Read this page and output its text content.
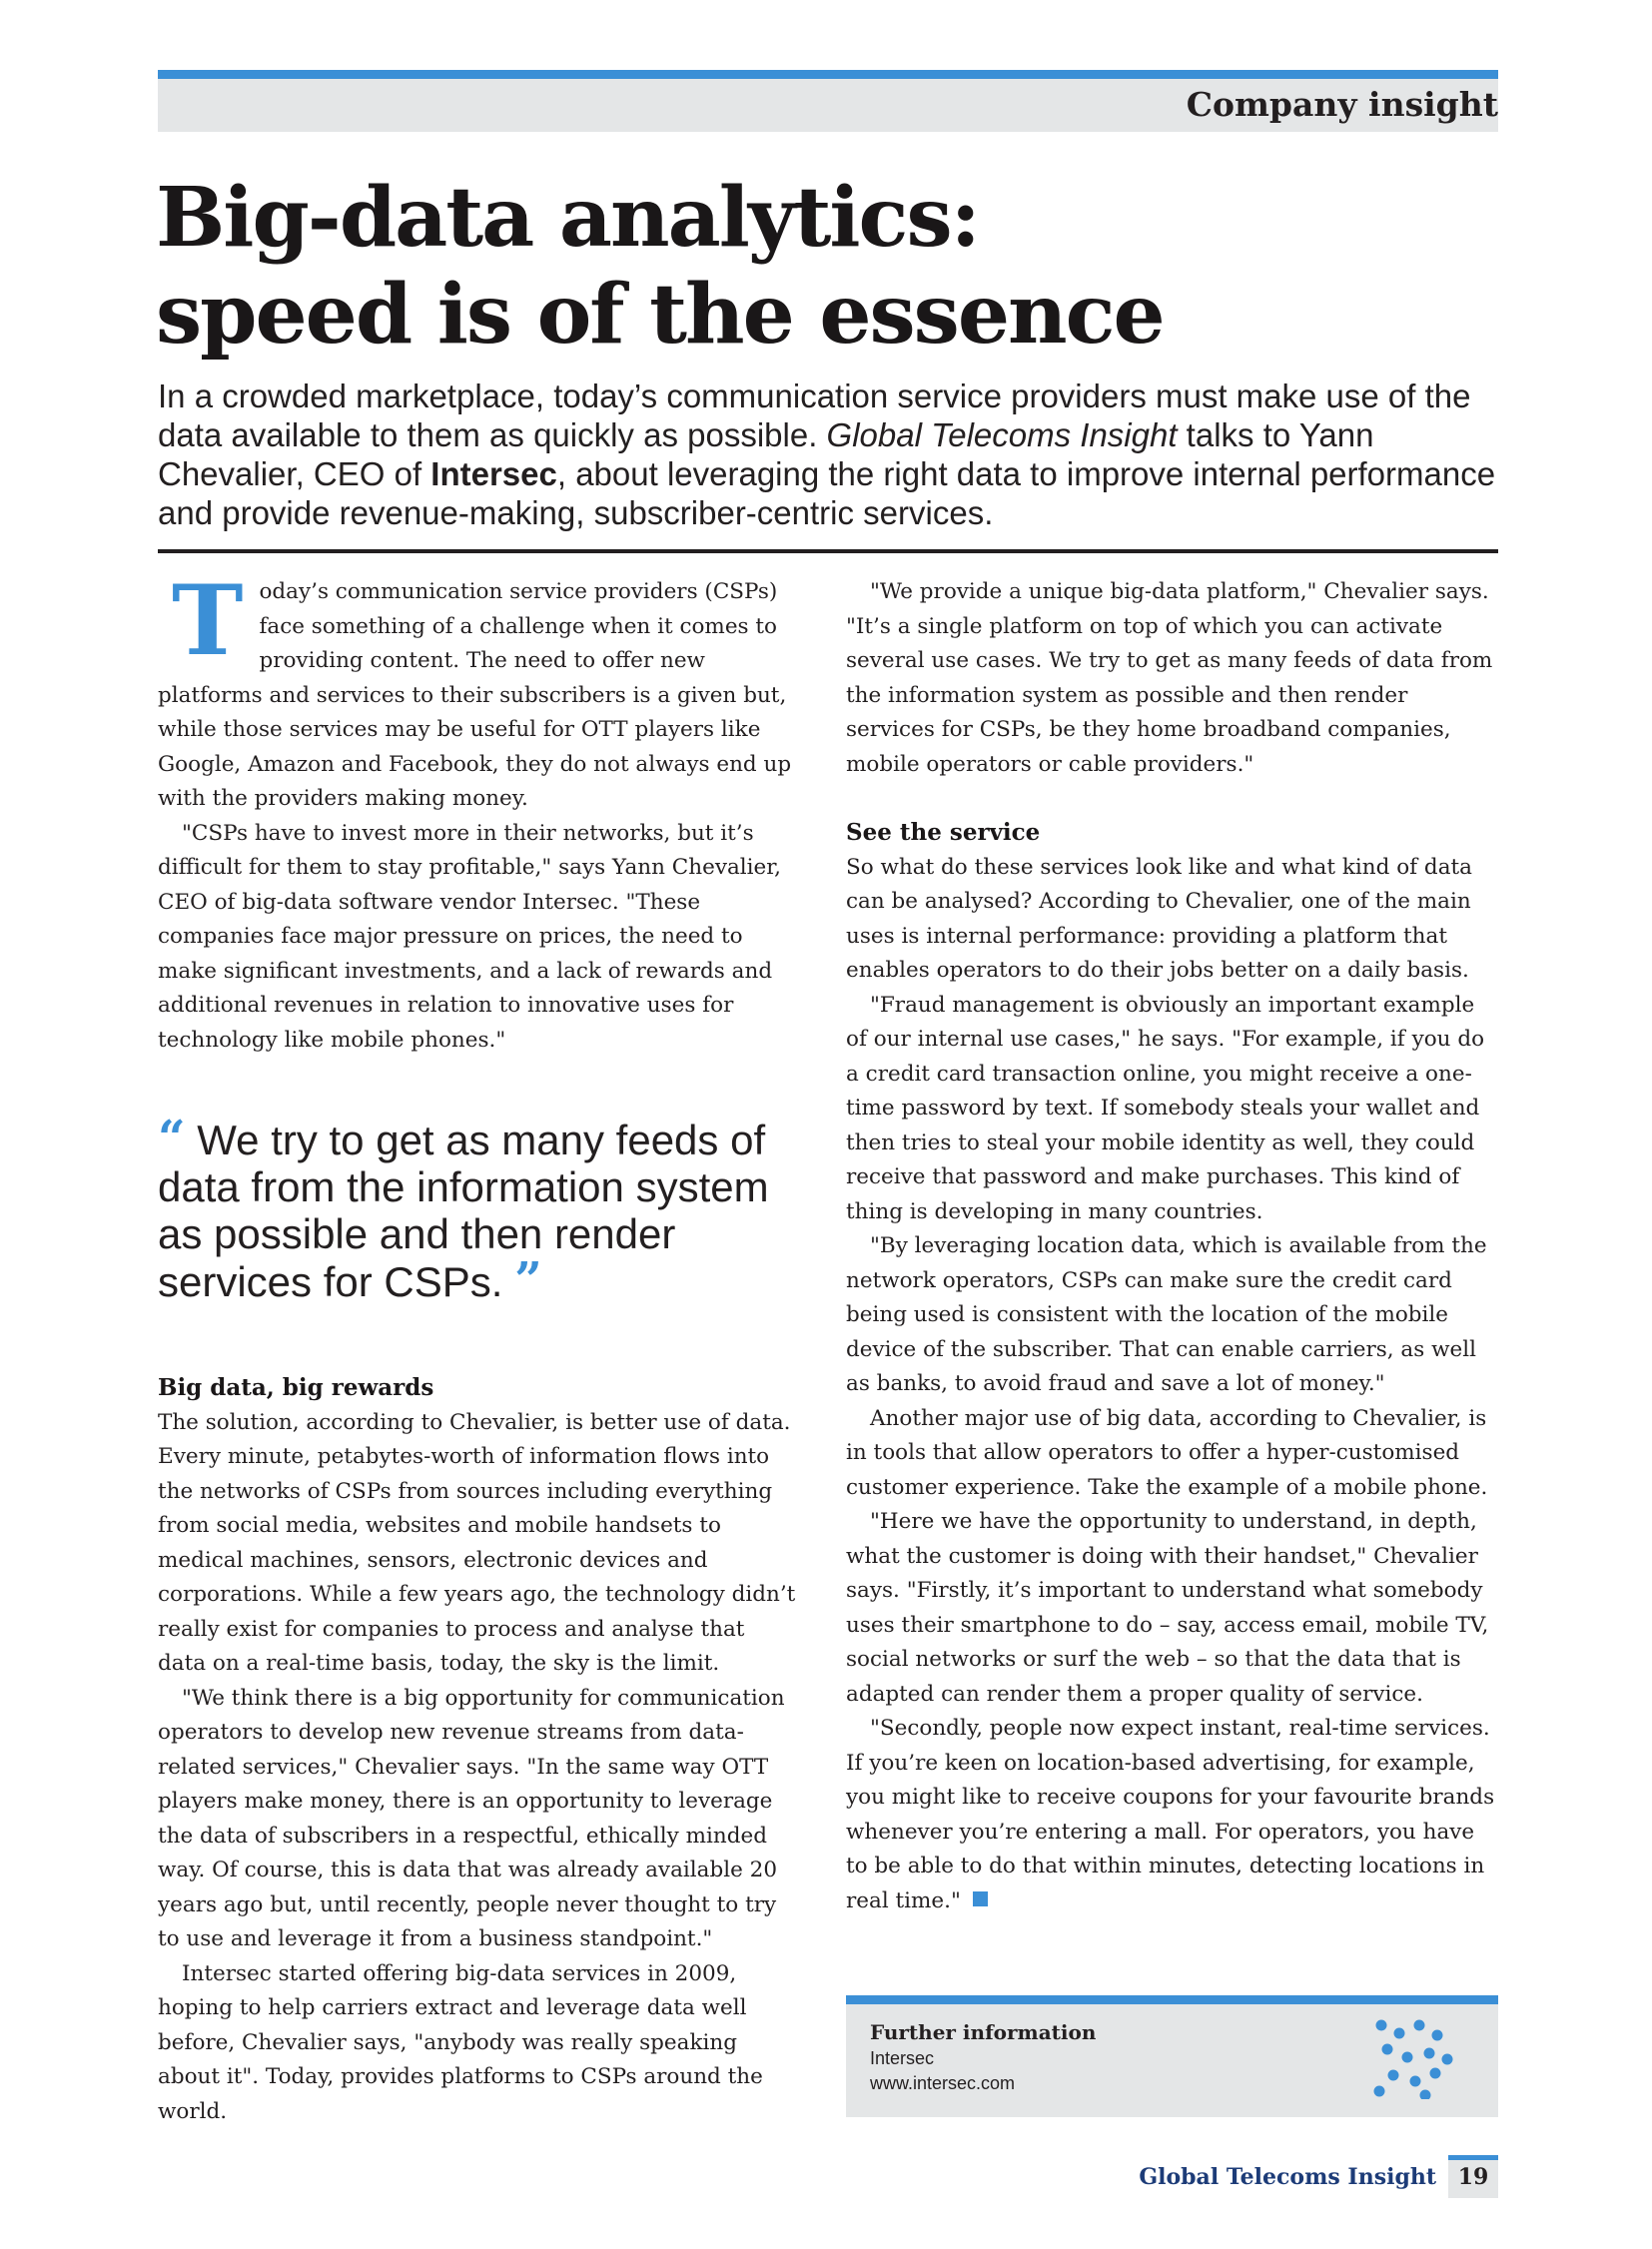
Company insight
Big-data analytics:
speed is of the essence

In a crowded marketplace, today’s communication service providers must make use of the data available to them as quickly as possible. Global Telecoms Insight talks to Yann Chevalier, CEO of Intersec, about leveraging the right data to improve internal performance and provide revenue-making, subscriber-centric services.

Today’s communication service providers (CSPs) face something of a challenge when it comes to providing content. The need to offer new platforms and services to their subscribers is a given but, while those services may be useful for OTT players like Google, Amazon and Facebook, they do not always end up with the providers making money.

"CSPs have to invest more in their networks, but it’s difficult for them to stay profitable," says Yann Chevalier, CEO of big-data software vendor Intersec. "These companies face major pressure on prices, the need to make significant investments, and a lack of rewards and additional revenues in relation to innovative uses for technology like mobile phones."

“ We try to get as many feeds of data from the information system as possible and then render services for CSPs. ”

Big data, big rewards

The solution, according to Chevalier, is better use of data. Every minute, petabytes-worth of information flows into the networks of CSPs from sources including everything from social media, websites and mobile handsets to medical machines, sensors, electronic devices and corporations. While a few years ago, the technology didn’t really exist for companies to process and analyse that data on a real-time basis, today, the sky is the limit.

"We think there is a big opportunity for communication operators to develop new revenue streams from data-related services," Chevalier says. "In the same way OTT players make money, there is an opportunity to leverage the data of subscribers in a respectful, ethically minded way. Of course, this is data that was already available 20 years ago but, until recently, people never thought to try to use and leverage it from a business standpoint."

Intersec started offering big-data services in 2009, hoping to help carriers extract and leverage data well before, Chevalier says, "anybody was really speaking about it". Today, provides platforms to CSPs around the world.

"We provide a unique big-data platform," Chevalier says. "It’s a single platform on top of which you can activate several use cases. We try to get as many feeds of data from the information system as possible and then render services for CSPs, be they home broadband companies, mobile operators or cable providers."

See the service

So what do these services look like and what kind of data can be analysed? According to Chevalier, one of the main uses is internal performance: providing a platform that enables operators to do their jobs better on a daily basis.

"Fraud management is obviously an important example of our internal use cases," he says. "For example, if you do a credit card transaction online, you might receive a one-time password by text. If somebody steals your wallet and then tries to steal your mobile identity as well, they could receive that password and make purchases. This kind of thing is developing in many countries.

"By leveraging location data, which is available from the network operators, CSPs can make sure the credit card being used is consistent with the location of the mobile device of the subscriber. That can enable carriers, as well as banks, to avoid fraud and save a lot of money."

Another major use of big data, according to Chevalier, is in tools that allow operators to offer a hyper-customised customer experience. Take the example of a mobile phone.

"Here we have the opportunity to understand, in depth, what the customer is doing with their handset," Chevalier says. "Firstly, it’s important to understand what somebody uses their smartphone to do – say, access email, mobile TV, social networks or surf the web – so that the data that is adapted can render them a proper quality of service.

"Secondly, people now expect instant, real-time services. If you’re keen on location-based advertising, for example, you might like to receive coupons for your favourite brands whenever you’re entering a mall. For operators, you have to be able to do that within minutes, detecting locations in real time."

Further information
Intersec
www.intersec.com
Global Telecoms Insight 19
